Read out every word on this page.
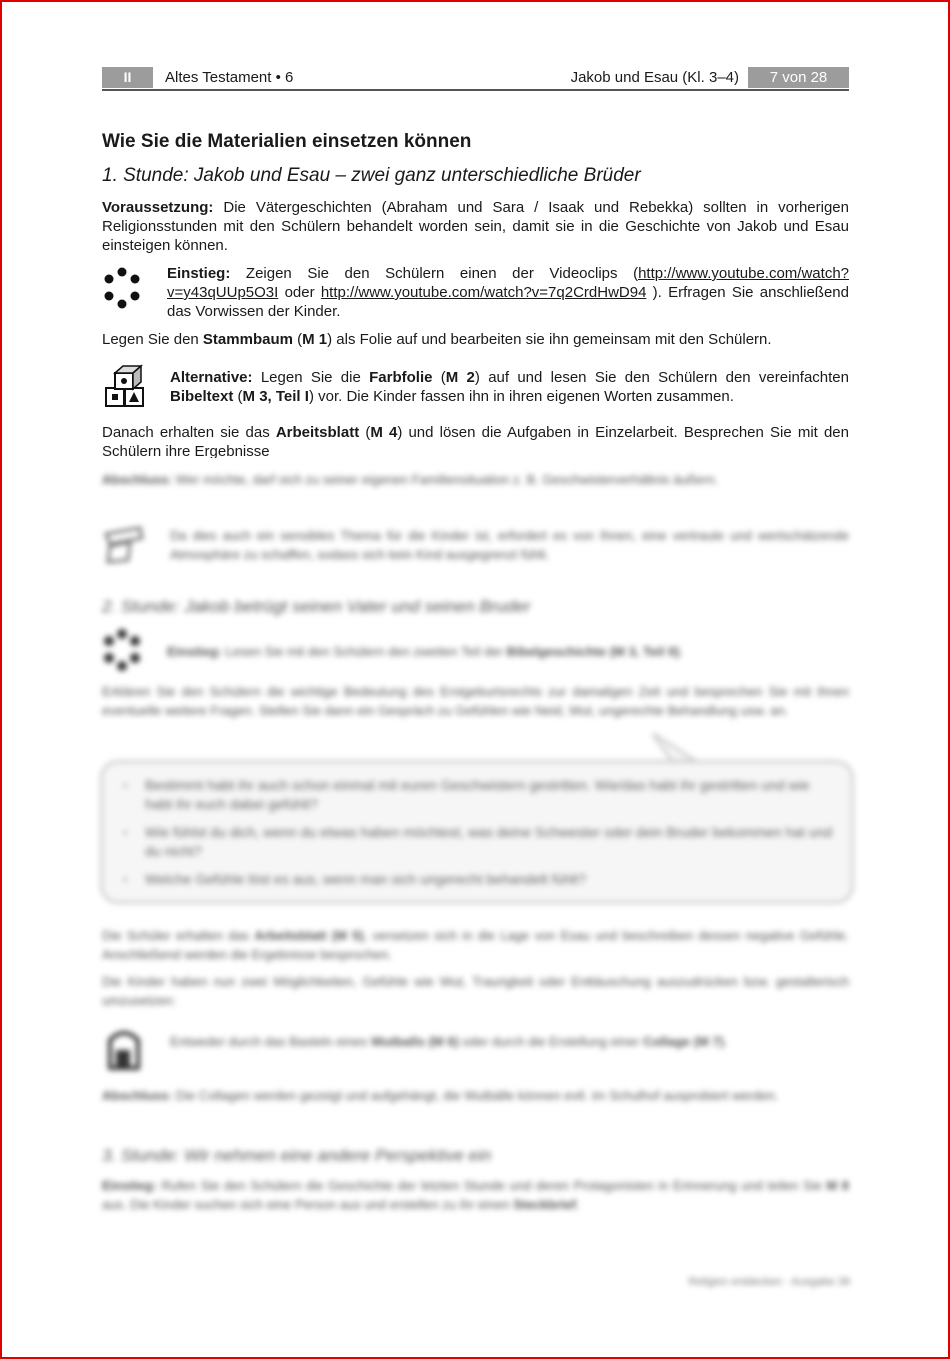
II	Altes Testament • 6	Jakob und Esau (Kl. 3–4)	7 von 28
Wie Sie die Materialien einsetzen können
1. Stunde: Jakob und Esau – zwei ganz unterschiedliche Brüder
Voraussetzung: Die Vätergeschichten (Abraham und Sara / Isaak und Rebekka) sollten in vorherigen Religionsstunden mit den Schülern behandelt worden sein, damit sie in die Geschichte von Jakob und Esau einsteigen können.
Einstieg: Zeigen Sie den Schülern einen der Videoclips (http://www.youtube.com/watch?v=y43qUUp5O3I oder http://www.youtube.com/watch?v=7q2CrdHwD94 ). Erfragen Sie anschließend das Vorwissen der Kinder.
Legen Sie den Stammbaum (M 1) als Folie auf und bearbeiten sie ihn gemeinsam mit den Schülern.
Alternative: Legen Sie die Farbfolie (M 2) auf und lesen Sie den Schülern den vereinfachten Bibeltext (M 3, Teil I) vor. Die Kinder fassen ihn in ihren eigenen Worten zusammen.
Danach erhalten sie das Arbeitsblatt (M 4) und lösen die Aufgaben in Einzelarbeit. Besprechen Sie mit den Schülern ihre Ergebnisse
Abschluss: Wer möchte, darf sich zu seiner eigenen Familiensituation z. B. Geschwisterverhältnis äußern.
Da dies auch ein sensibles Thema für die Kinder ist, erfordert es von Ihnen, eine vertraute und wertschätzende Atmosphäre zu schaffen, sodass sich kein Kind ausgegrenzt fühlt.
2. Stunde: Jakob betrügt seinen Vater und seinen Bruder
Einstieg: Lesen Sie mit den Schülern den zweiten Teil der Bibelgeschichte (M 3, Teil II).
Erklären Sie den Schülern die wichtige Bedeutung des Erstgeburtsrechts zur damaligen Zeit und besprechen Sie mit ihnen eventuelle weitere Fragen. Stellen Sie dann ein Gespräch zu Gefühlen wie Neid, Wut, ungerechte Behandlung usw. an.
• Bestimmt habt ihr auch schon einmal mit euren Geschwistern gestritten. Wie/das habt ihr gestritten und wie habt ihr euch dabei gefühlt?
• Wie fühlst du dich, wenn du etwas haben möchtest, was deine Schwester oder dein Bruder bekommen hat und du nicht?
• Welche Gefühle löst es aus, wenn man sich ungerecht behandelt fühlt?
Die Schüler erhalten das Arbeitsblatt (M 5), versetzen sich in die Lage von Esau und beschreiben dessen negative Gefühle. Anschließend werden die Ergebnisse besprochen.
Die Kinder haben nun zwei Möglichkeiten, Gefühle wie Wut, Traurigkeit oder Enttäuschung auszudrücken bzw. gestalterisch umzusetzen:
Entweder durch das Basteln eines Wutballs (M 6) oder durch die Erstellung einer Collage (M 7).
Abschluss: Die Collagen werden gezeigt und aufgehängt, die Wutbälle können evtl. im Schulhof ausprobiert werden.
3. Stunde: Wir nehmen eine andere Perspektive ein
Einstieg: Rufen Sie den Schülern die Geschichte der letzten Stunde und deren Protagonisten in Erinnerung und teilen Sie M 8 aus. Die Kinder suchen sich eine Person aus und erstellen zu ihr einen Steckbrief.
Religion entdecken · Ausgabe 38
